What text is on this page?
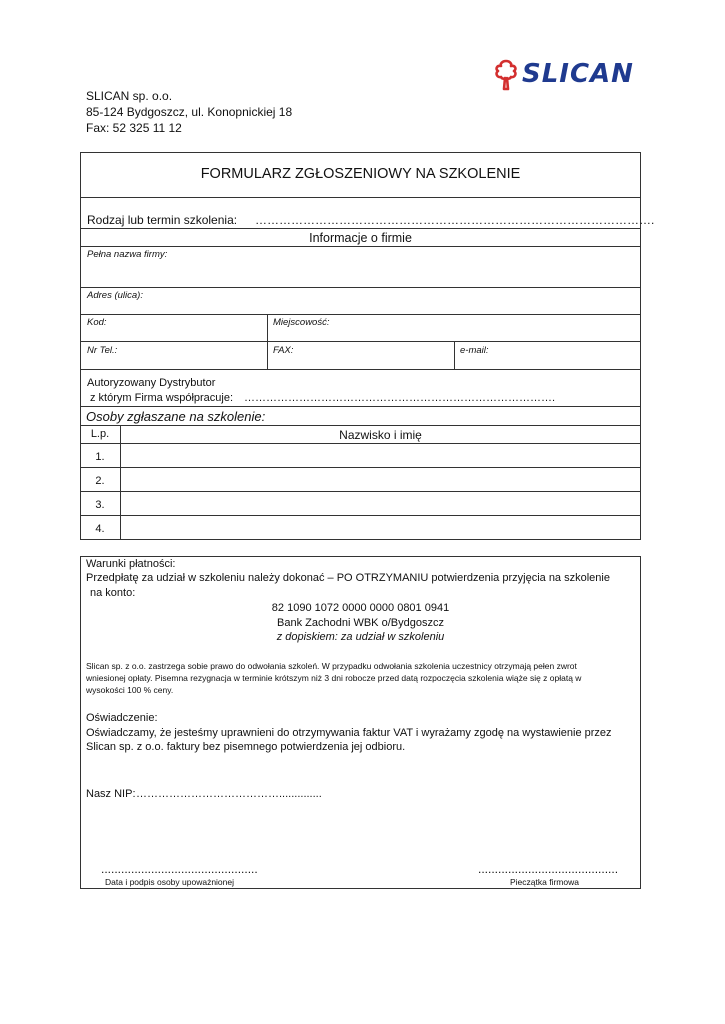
SLICAN sp. o.o.
85-124 Bydgoszcz, ul. Konopnickiej 18
Fax: 52 325 11 12
SLICAN
FORMULARZ ZGŁOSZENIOWY NA SZKOLENIE
Rodzaj lub termin szkolenia: ……………………………………………………………………………………….
Informacje o firmie
Pełna nazwa firmy:
Adres (ulica):
Kod:	Miejscowość:
Nr Tel.:	FAX:	e-mail:
Autoryzowany Dystrybutor
z którym Firma współpracuje: ………………………………………………………………………….
Osoby zgłaszane na szkolenie:
L.p.	Nazwisko i imię
1.
2.
3.
4.
Warunki płatności:
Przedpłatę za udział w szkoleniu należy dokonać – PO OTRZYMANIU potwierdzenia przyjęcia na szkolenie
na konto:
82 1090 1072 0000 0000 0801 0941
Bank Zachodni WBK o/Bydgoszcz
z dopiskiem: za udział w szkoleniu
Slican sp. z o.o. zastrzega sobie prawo do odwołania szkoleń. W przypadku odwołania szkolenia uczestnicy otrzymają pełen zwrot
wniesionej opłaty. Pisemna rezygnacja w terminie krótszym niż 3 dni robocze przed datą rozpoczęcia szkolenia wiąże się z opłatą w
wysokości 100 % ceny.
Oświadczenie:
Oświadczamy, że jesteśmy uprawnieni do otrzymywania faktur VAT i wyrażamy zgodę na wystawienie przez
Slican sp. z o.o. faktury bez pisemnego potwierdzenia jej odbioru.
Nasz NIP: …………………………………..............
...............................................	..........................................
Data i podpis osoby upoważnionej	Pieczątka firmowa
